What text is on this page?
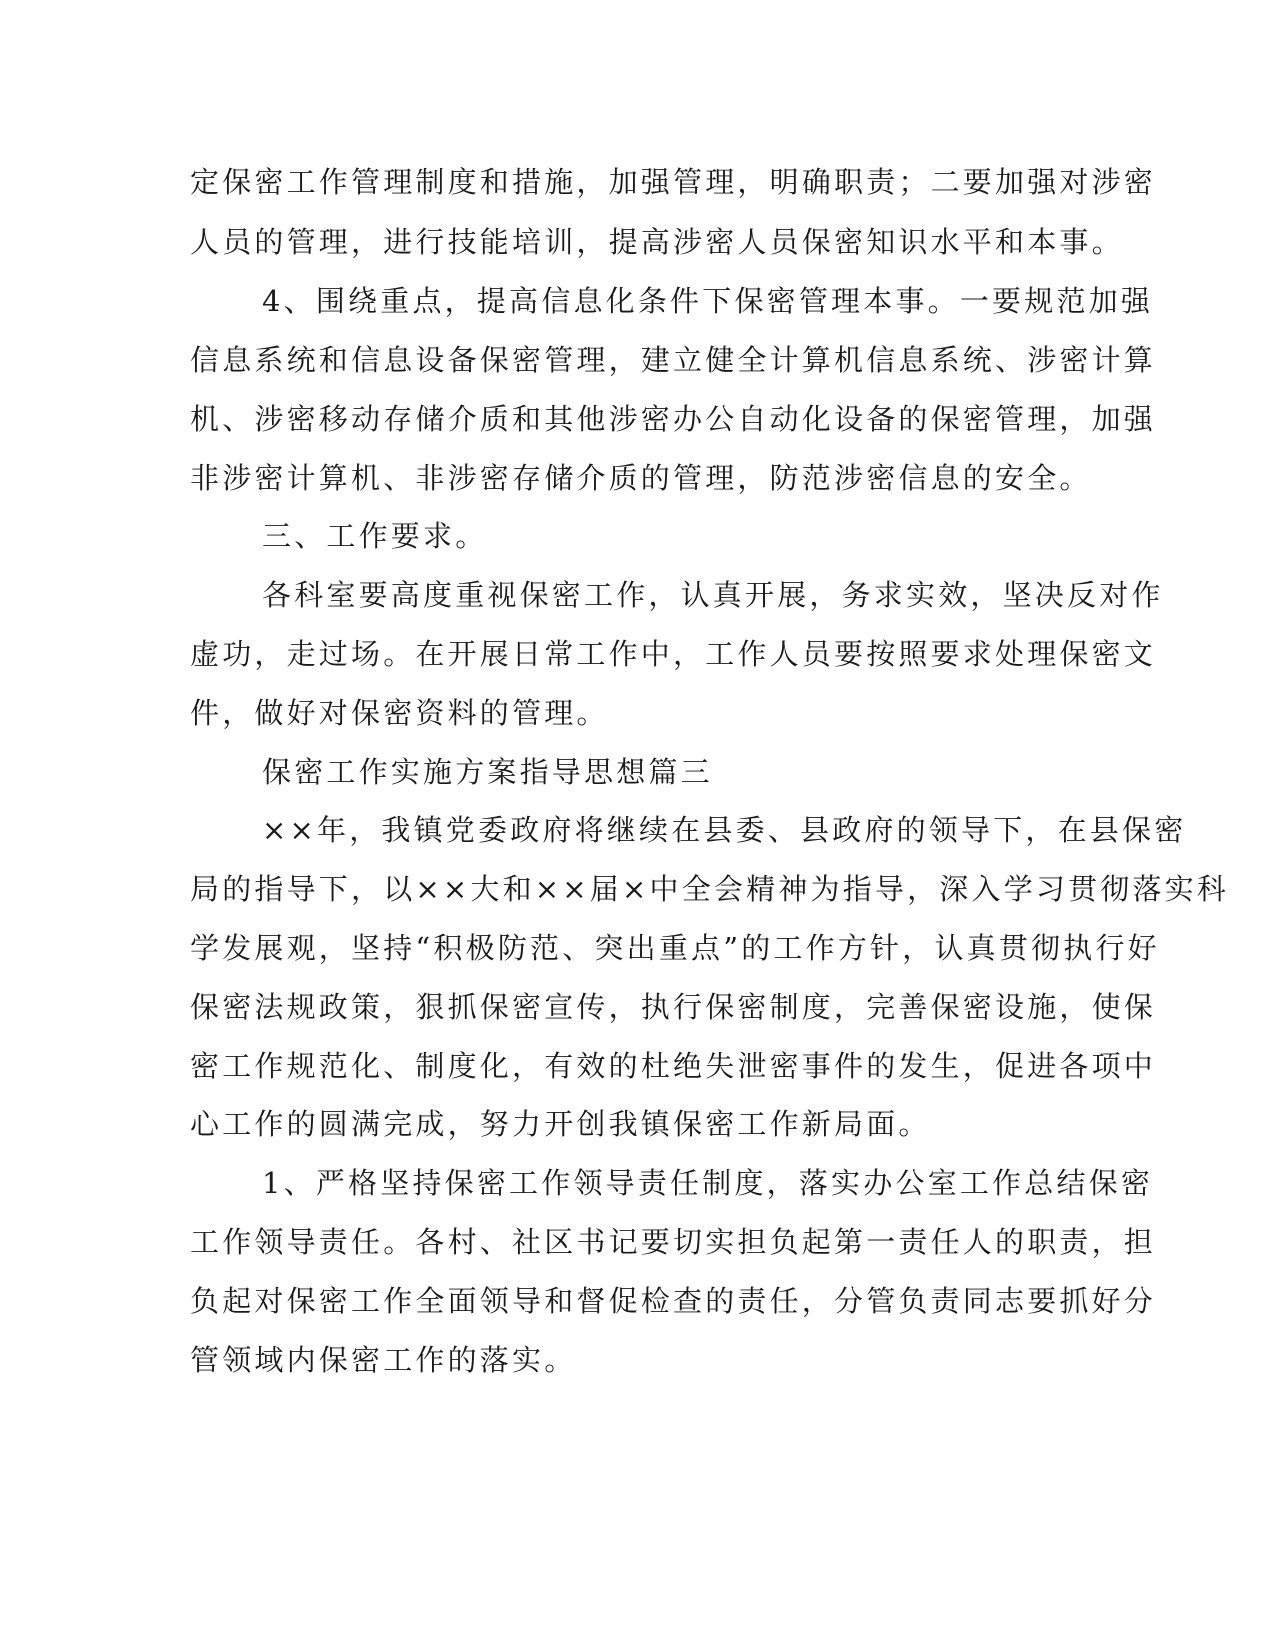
定保密工作管理制度和措施，加强管理，明确职责；二要加强对涉密
人员的管理，进行技能培训，提高涉密人员保密知识水平和本事。
4、围绕重点，提高信息化条件下保密管理本事。一要规范加强
信息系统和信息设备保密管理，建立健全计算机信息系统、涉密计算
机、涉密移动存储介质和其他涉密办公自动化设备的保密管理，加强
非涉密计算机、非涉密存储介质的管理，防范涉密信息的安全。
三、工作要求。
各科室要高度重视保密工作，认真开展，务求实效，坚决反对作
虚功，走过场。在开展日常工作中，工作人员要按照要求处理保密文
件，做好对保密资料的管理。
保密工作实施方案指导思想篇三
××年，我镇党委政府将继续在县委、县政府的领导下，在县保密
局的指导下，以××大和××届×中全会精神为指导，深入学习贯彻落实科
学发展观，坚持“积极防范、突出重点”的工作方针，认真贯彻执行好
保密法规政策，狠抓保密宣传，执行保密制度，完善保密设施，使保
密工作规范化、制度化，有效的杜绝失泄密事件的发生，促进各项中
心工作的圆满完成，努力开创我镇保密工作新局面。
1、严格坚持保密工作领导责任制度，落实办公室工作总结保密
工作领导责任。各村、社区书记要切实担负起第一责任人的职责，担
负起对保密工作全面领导和督促检查的责任，分管负责同志要抓好分
管领域内保密工作的落实。
